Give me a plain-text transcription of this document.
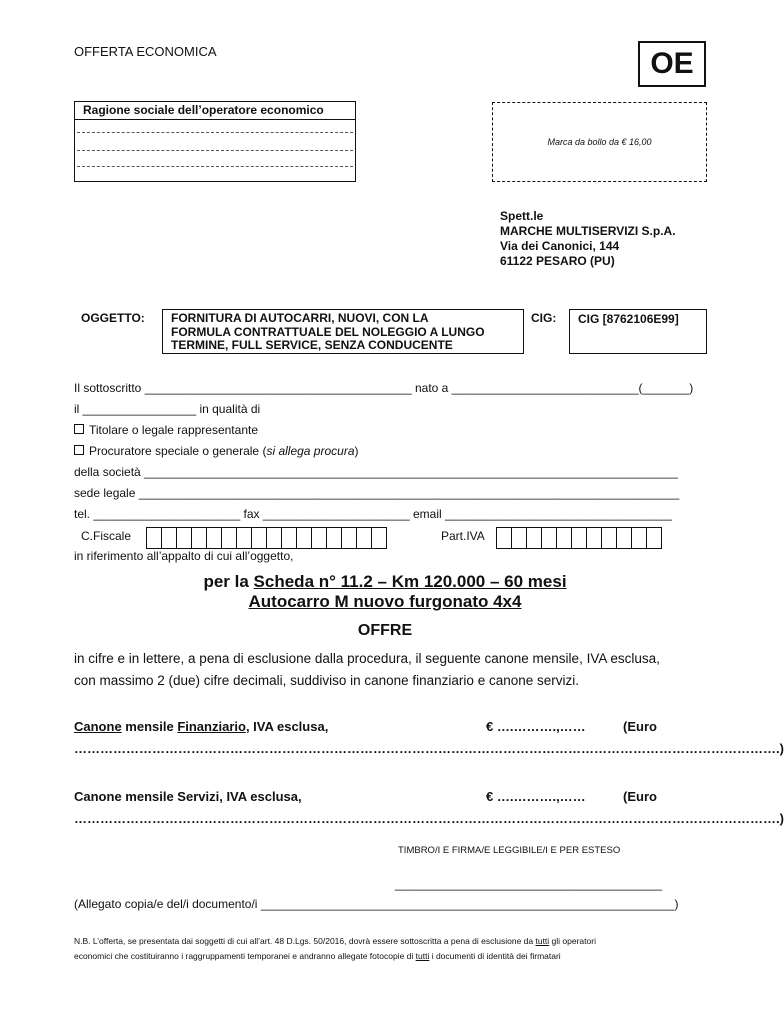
OFFERTA ECONOMICA	OE
Ragione sociale dell’operatore economico
Marca da bollo da € 16,00
Spett.le
MARCHE MULTISERVIZI S.p.A.
Via dei Canonici, 144
61122 PESARO (PU)
OGGETTO: FORNITURA DI AUTOCARRI, NUOVI, CON LA
FORMULA CONTRATTUALE DEL NOLEGGIO A LUNGO
TERMINE, FULL SERVICE, SENZA CONDUCENTE
CIG:	CIG [8762106E99]
Il sottoscritto ________________________________________ nato a ____________________________(_______)
il _________________ in qualità di
Titolare o legale rappresentante
Procuratore speciale o generale (si allega procura)
della società ________________________________________________________________________________
sede legale _________________________________________________________________________________
tel. ______________________ fax ______________________ email __________________________________
C.Fiscale	Part.IVA
in riferimento all’appalto di cui all’oggetto,
per la Scheda n° 11.2 – Km 120.000 – 60 mesi
Autocarro M nuovo furgonato 4x4
OFFRE
in cifre e in lettere, a pena di esclusione dalla procedura, il seguente canone mensile, IVA esclusa,
con massimo 2 (due) cifre decimali, suddiviso in canone finanziario e canone servizi.
Canone mensile Finanziario, IVA esclusa,	€ ….……….,……	(Euro
……………………………………………………………………………………………………………………………………………….)
Canone mensile Servizi, IVA esclusa,	€ ….……….,……	(Euro
……………………………………………………………………………………………………………………………………………….)
TIMBRO/I E FIRMA/E LEGGIBILE/I E PER ESTESO
________________________________________
(Allegato copia/e del/i documento/i ______________________________________________________________)
N.B. L’offerta, se presentata dai soggetti di cui all’art. 48 D.Lgs. 50/2016, dovrà essere sottoscritta a pena di esclusione da tutti gli operatori
economici che costituiranno i raggruppamenti temporanei e andranno allegate fotocopie di tutti i documenti di identità dei firmatari
